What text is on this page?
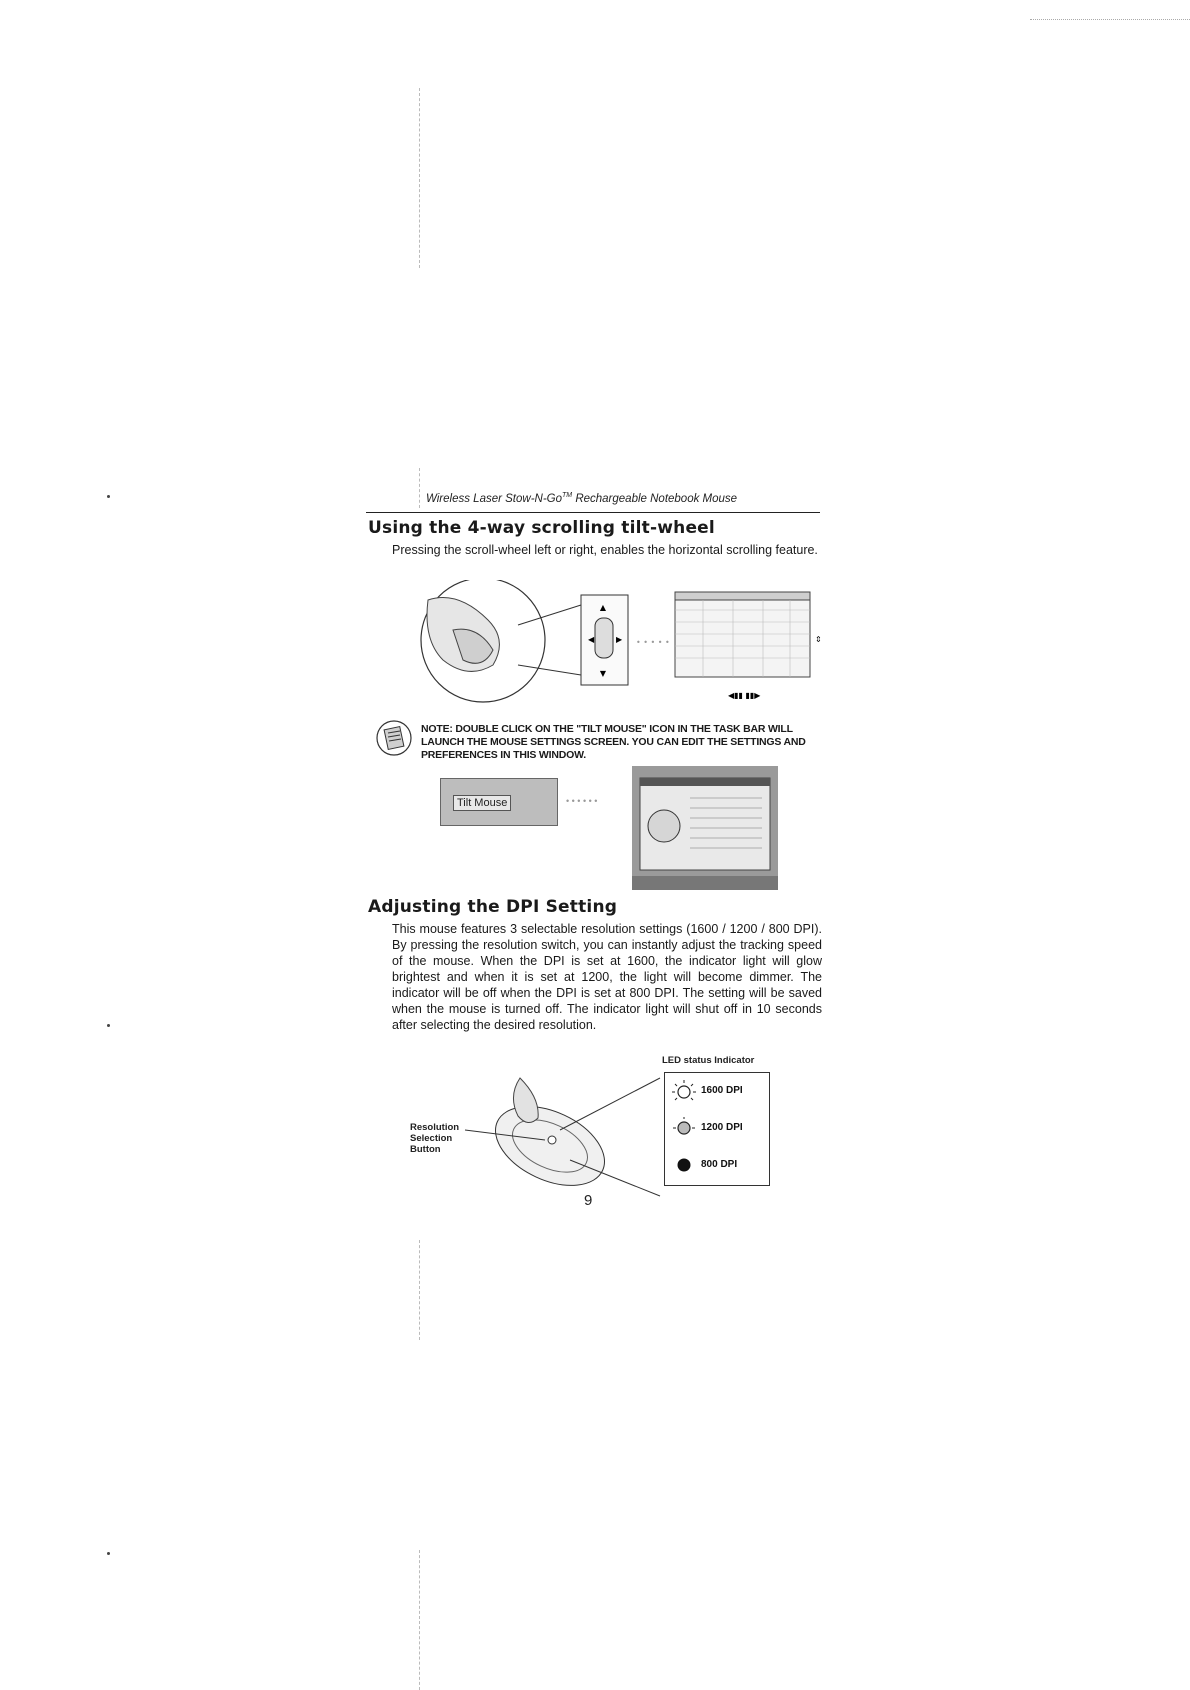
Wireless Laser Stow-N-Go™ Rechargeable Notebook Mouse
Using the 4-way scrolling tilt-wheel
Pressing the scroll-wheel left or right, enables the horizontal scrolling feature.
▲
▼
◀	▶ • • • • •	⇕
◀▮▮ ▮▮▶
NOTE: DOUBLE CLICK ON THE "TILT MOUSE" ICON IN THE TASK BAR WILL LAUNCH THE MOUSE SETTINGS SCREEN. YOU CAN EDIT THE SETTINGS AND PREFERENCES IN THIS WINDOW.
Tilt Mouse	• • • • • •
Adjusting the DPI Setting
This mouse features 3 selectable resolution settings (1600 / 1200 / 800 DPI). By pressing the resolution switch, you can instantly adjust the tracking speed of the mouse. When the DPI is set at 1600, the indicator light will glow brightest and when it is set at 1200, the light will become dimmer. The indicator will be off when the DPI is set at 800 DPI. The setting will be saved when the mouse is turned off. The indicator light will shut off in 10 seconds after selecting the desired resolution.
LED status Indicator
Resolution
Selection
Button
1600 DPI
1200 DPI
800 DPI
9
